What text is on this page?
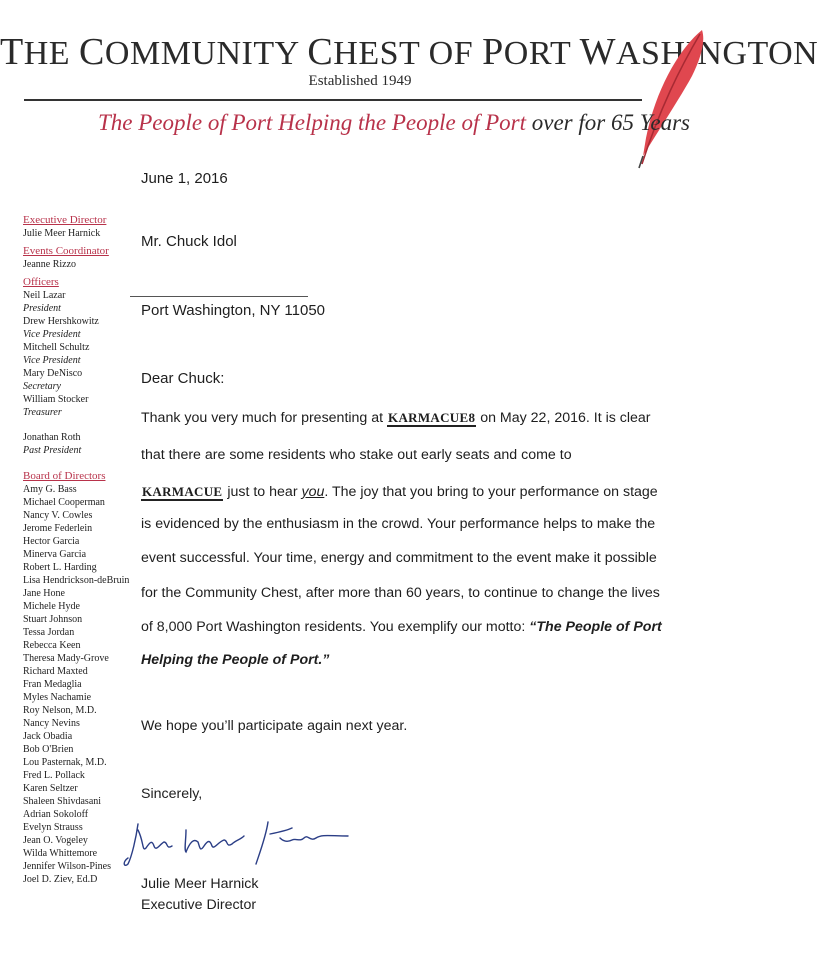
THE COMMUNITY CHEST OF PORT WASHINGTON
Established 1949
The People of Port Helping the People of Port over for 65 Years
Executive Director
Julie Meer Harnick
Events Coordinator
Jeanne Rizzo
Officers
Neil Lazar
President
Drew Hershkowitz
Vice President
Mitchell Schultz
Vice President
Mary DeNisco
Secretary
William Stocker
Treasurer
Jonathan Roth
Past President
Board of Directors
Amy G. Bass
Michael Cooperman
Nancy V. Cowles
Jerome Federlein
Hector Garcia
Minerva Garcia
Robert L. Harding
Lisa Hendrickson-deBruin
Jane Hone
Michele Hyde
Stuart Johnson
Tessa Jordan
Rebecca Keen
Theresa Mady-Grove
Richard Maxted
Fran Medaglia
Myles Nachamie
Roy Nelson, M.D.
Nancy Nevins
Jack Obadia
Bob O'Brien
Lou Pasternak, M.D.
Fred L. Pollack
Karen Seltzer
Shaleen Shivdasani
Adrian Sokoloff
Evelyn Strauss
Jean O. Vogeley
Wilda Whittemore
Jennifer Wilson-Pines
Joel D. Ziev, Ed.D
June 1, 2016
Mr. Chuck Idol
Port Washington, NY 11050
Dear Chuck:
Thank you very much for presenting at KARMACUE8 on May 22, 2016. It is clear
that there are some residents who stake out early seats and come to
KARMACUE just to hear you. The joy that you bring to your performance on stage
is evidenced by the enthusiasm in the crowd. Your performance helps to make the
event successful. Your time, energy and commitment to the event make it possible
for the Community Chest, after more than 60 years, to continue to change the lives
of 8,000 Port Washington residents. You exemplify our motto: “The People of Port
Helping the People of Port.”
We hope you’ll participate again next year.
Sincerely,
Julie Meer Harnick
Executive Director
